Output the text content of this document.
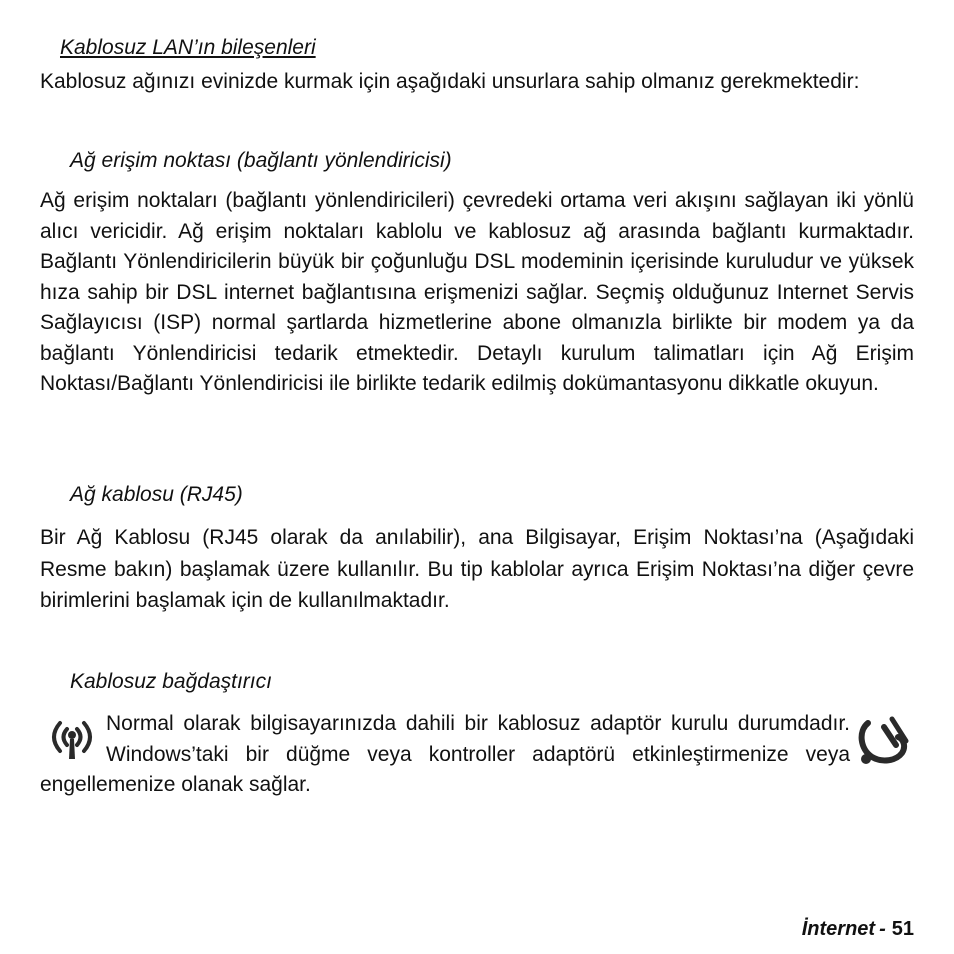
Kablosuz LAN’ın bileşenleri

Kablosuz ağınızı evinizde kurmak için aşağıdaki unsurlara sahip olmanız gerekmektedir:

Ağ erişim noktası (bağlantı yönlendiricisi)

Ağ erişim noktaları (bağlantı yönlendiricileri) çevredeki ortama veri akışını sağlayan iki yönlü alıcı vericidir. Ağ erişim noktaları kablolu ve kablosuz ağ arasında bağlantı kurmaktadır. Bağlantı Yönlendiricilerin büyük bir çoğunluğu DSL modeminin içerisinde kuruludur ve yüksek hıza sahip bir DSL internet bağlantısına erişmenizi sağlar. Seçmiş olduğunuz Internet Servis Sağlayıcısı (ISP) normal şartlarda hizmetlerine abone olmanızla birlikte bir modem ya da bağlantı Yönlendiricisi tedarik etmektedir. Detaylı kurulum talimatları için Ağ Erişim Noktası/Bağlantı Yönlendiricisi ile birlikte tedarik edilmiş dokümantasyonu dikkatle okuyun.

Ağ kablosu (RJ45)

Bir Ağ Kablosu (RJ45 olarak da anılabilir), ana Bilgisayar, Erişim Noktası’na (Aşağıdaki Resme bakın) başlamak üzere kullanılır. Bu tip kablolar ayrıca Erişim Noktası’na diğer çevre birimlerini başlamak için de kullanılmaktadır.

Kablosuz bağdaştırıcı

Normal olarak bilgisayarınızda dahili bir kablosuz adaptör kurulu durumdadır. Windows’taki bir düğme veya kontroller adaptörü etkinleştirmenize veya engellemenize olanak sağlar.
İnternet - 51
